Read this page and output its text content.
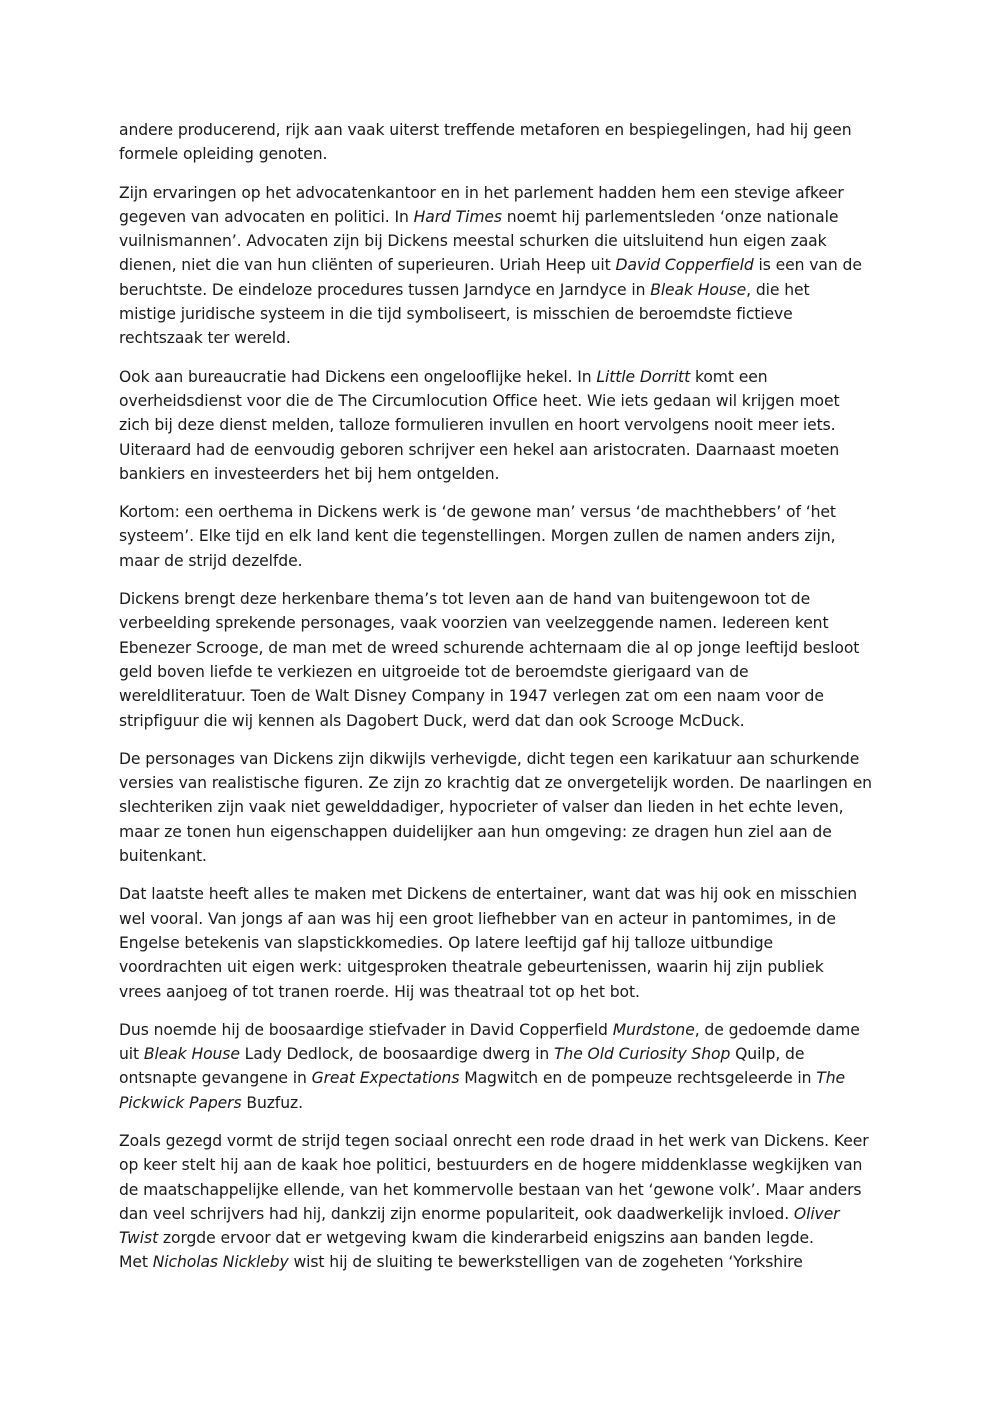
andere producerend, rijk aan vaak uiterst treffende metaforen en bespiegelingen, had hij geen
formele opleiding genoten.

Zijn ervaringen op het advocatenkantoor en in het parlement hadden hem een stevige afkeer
gegeven van advocaten en politici. In Hard Times noemt hij parlementsleden ‘onze nationale
vuilnismannen’. Advocaten zijn bij Dickens meestal schurken die uitsluitend hun eigen zaak
dienen, niet die van hun cliënten of superieuren. Uriah Heep uit David Copperfield is een van de
beruchtste. De eindeloze procedures tussen Jarndyce en Jarndyce in Bleak House, die het
mistige juridische systeem in die tijd symboliseert, is misschien de beroemdste fictieve
rechtszaak ter wereld.

Ook aan bureaucratie had Dickens een ongelooflijke hekel. In Little Dorritt komt een
overheidsdienst voor die de The Circumlocution Office heet. Wie iets gedaan wil krijgen moet
zich bij deze dienst melden, talloze formulieren invullen en hoort vervolgens nooit meer iets.
Uiteraard had de eenvoudig geboren schrijver een hekel aan aristocraten. Daarnaast moeten
bankiers en investeerders het bij hem ontgelden.

Kortom: een oerthema in Dickens werk is ‘de gewone man’ versus ‘de machthebbers’ of ‘het
systeem’. Elke tijd en elk land kent die tegenstellingen. Morgen zullen de namen anders zijn,
maar de strijd dezelfde.

Dickens brengt deze herkenbare thema’s tot leven aan de hand van buitengewoon tot de
verbeelding sprekende personages, vaak voorzien van veelzeggende namen. Iedereen kent
Ebenezer Scrooge, de man met de wreed schurende achternaam die al op jonge leeftijd besloot
geld boven liefde te verkiezen en uitgroeide tot de beroemdste gierigaard van de
wereldliteratuur. Toen de Walt Disney Company in 1947 verlegen zat om een naam voor de
stripfiguur die wij kennen als Dagobert Duck, werd dat dan ook Scrooge McDuck.

De personages van Dickens zijn dikwijls verhevigde, dicht tegen een karikatuur aan schurkende
versies van realistische figuren. Ze zijn zo krachtig dat ze onvergetelijk worden. De naarlingen en
slechteriken zijn vaak niet gewelddadiger, hypocrieter of valser dan lieden in het echte leven,
maar ze tonen hun eigenschappen duidelijker aan hun omgeving: ze dragen hun ziel aan de
buitenkant.

Dat laatste heeft alles te maken met Dickens de entertainer, want dat was hij ook en misschien
wel vooral. Van jongs af aan was hij een groot liefhebber van en acteur in pantomimes, in de
Engelse betekenis van slapstickkomedies. Op latere leeftijd gaf hij talloze uitbundige
voordrachten uit eigen werk: uitgesproken theatrale gebeurtenissen, waarin hij zijn publiek
vrees aanjoeg of tot tranen roerde. Hij was theatraal tot op het bot.

Dus noemde hij de boosaardige stiefvader in David Copperfield Murdstone, de gedoemde dame
uit Bleak House Lady Dedlock, de boosaardige dwerg in The Old Curiosity Shop Quilp, de
ontsnapte gevangene in Great Expectations Magwitch en de pompeuze rechtsgeleerde in The
Pickwick Papers Buzfuz.

Zoals gezegd vormt de strijd tegen sociaal onrecht een rode draad in het werk van Dickens. Keer
op keer stelt hij aan de kaak hoe politici, bestuurders en de hogere middenklasse wegkijken van
de maatschappelijke ellende, van het kommervolle bestaan van het ‘gewone volk’. Maar anders
dan veel schrijvers had hij, dankzij zijn enorme populariteit, ook daadwerkelijk invloed. Oliver
Twist zorgde ervoor dat er wetgeving kwam die kinderarbeid enigszins aan banden legde.
Met Nicholas Nickleby wist hij de sluiting te bewerkstelligen van de zogeheten ‘Yorkshire
